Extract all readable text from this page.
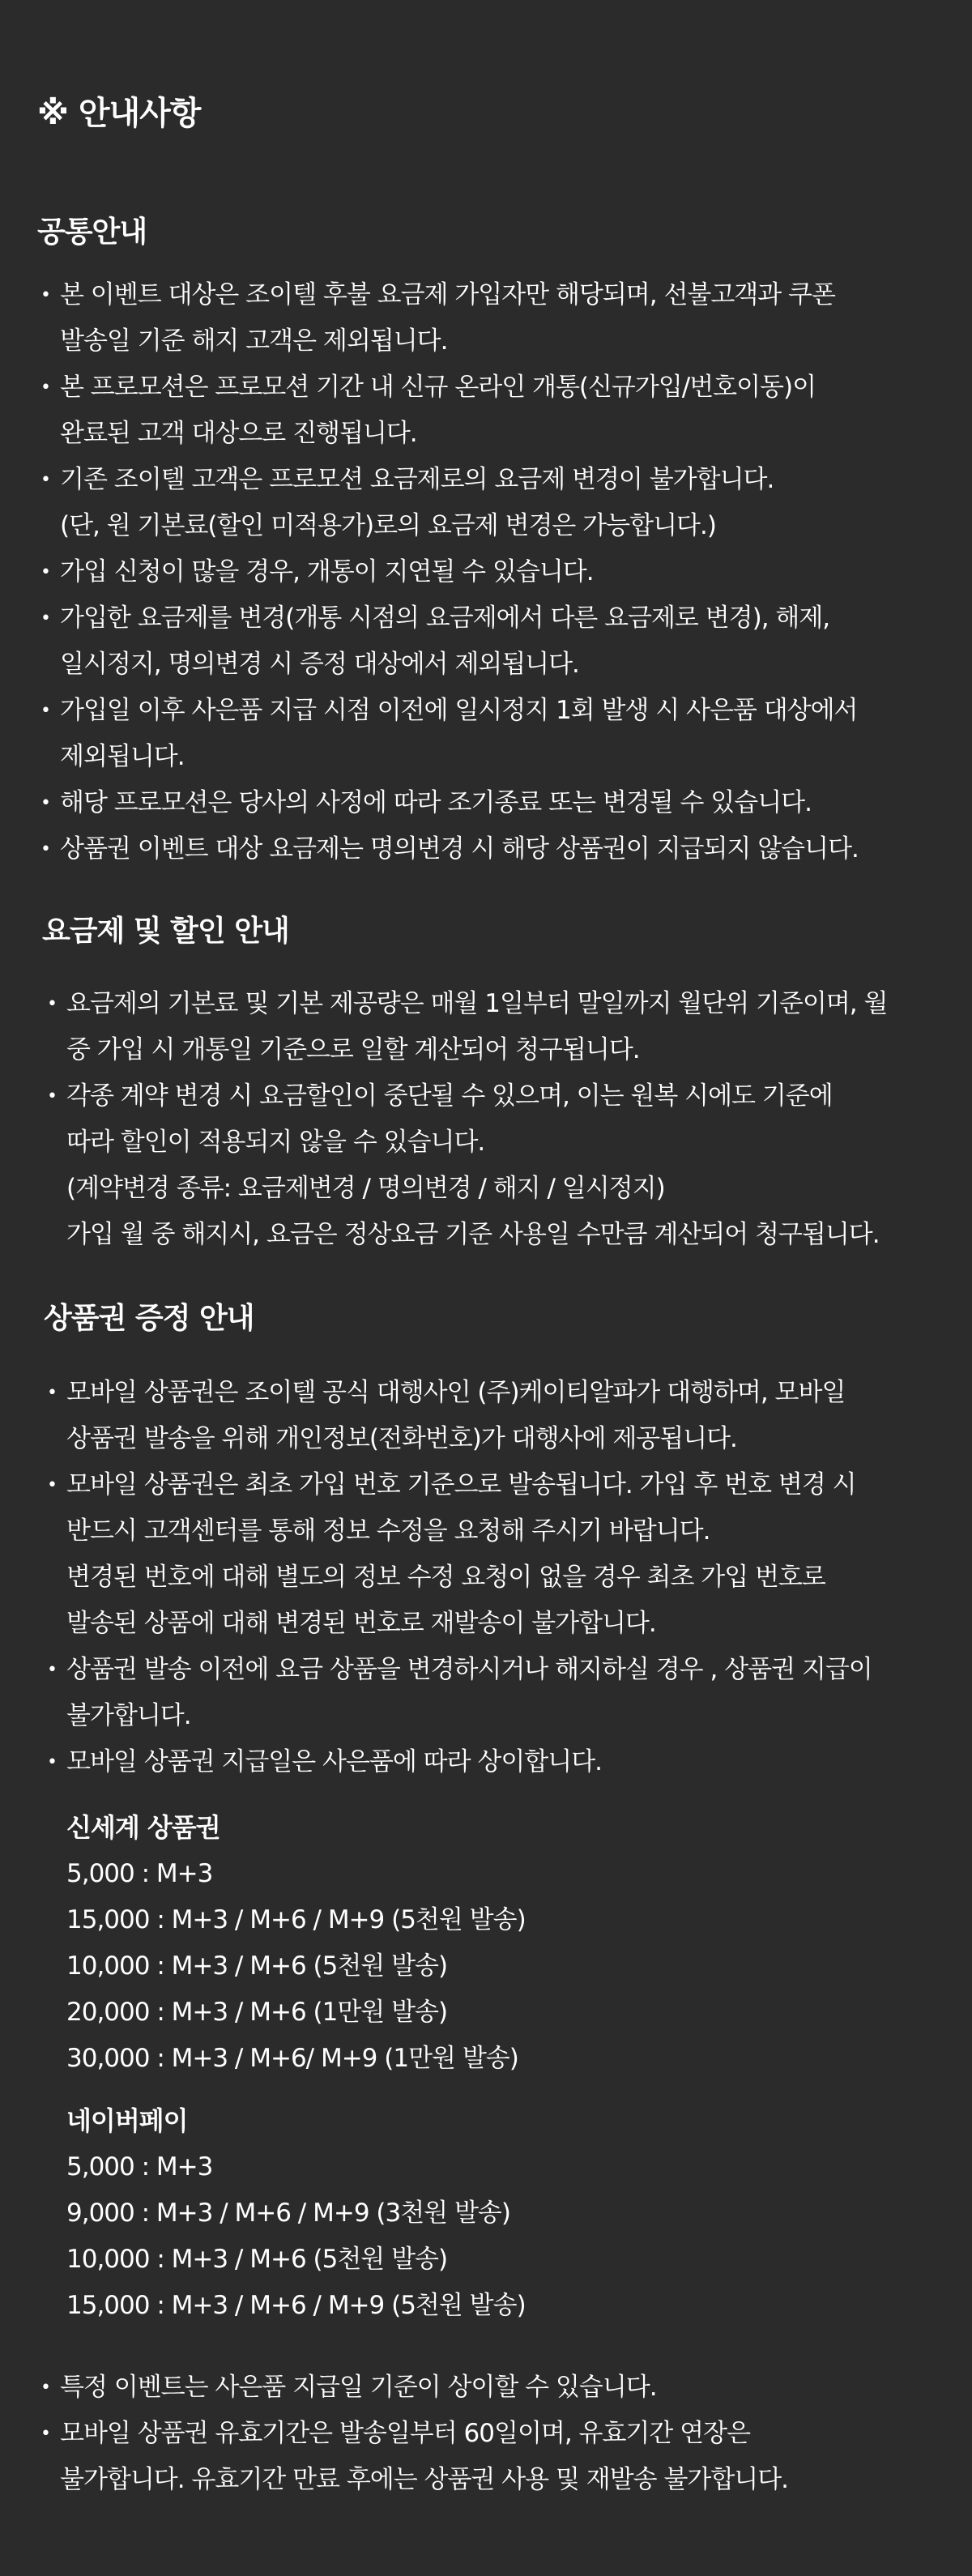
※ 안내사항
공통안내
• 본 이벤트 대상은 조이텔 후불 요금제 가입자만 해당되며, 선불고객과 쿠폰
발송일 기준 해지 고객은 제외됩니다.
• 본 프로모션은 프로모션 기간 내 신규 온라인 개통(신규가입/번호이동)이
완료된 고객 대상으로 진행됩니다.
• 기존 조이텔 고객은 프로모션 요금제로의 요금제 변경이 불가합니다.
(단, 원 기본료(할인 미적용가)로의 요금제 변경은 가능합니다.)
• 가입 신청이 많을 경우, 개통이 지연될 수 있습니다.
• 가입한 요금제를 변경(개통 시점의 요금제에서 다른 요금제로 변경), 해제,
일시정지, 명의변경 시 증정 대상에서 제외됩니다.
• 가입일 이후 사은품 지급 시점 이전에 일시정지 1회 발생 시 사은품 대상에서
제외됩니다.
• 해당 프로모션은 당사의 사정에 따라 조기종료 또는 변경될 수 있습니다.
• 상품권 이벤트 대상 요금제는 명의변경 시 해당 상품권이 지급되지 않습니다.
요금제 및 할인 안내
• 요금제의 기본료 및 기본 제공량은 매월 1일부터 말일까지 월단위 기준이며, 월
중 가입 시 개통일 기준으로 일할 계산되어 청구됩니다.
• 각종 계약 변경 시 요금할인이 중단될 수 있으며, 이는 원복 시에도 기준에
따라 할인이 적용되지 않을 수 있습니다.
(계약변경 종류: 요금제변경 / 명의변경 / 해지 / 일시정지)
가입 월 중 해지시, 요금은 정상요금 기준 사용일 수만큼 계산되어 청구됩니다.
상품권 증정 안내
• 모바일 상품권은 조이텔 공식 대행사인 (주)케이티알파가 대행하며, 모바일
상품권 발송을 위해 개인정보(전화번호)가 대행사에 제공됩니다.
• 모바일 상품권은 최초 가입 번호 기준으로 발송됩니다. 가입 후 번호 변경 시
반드시 고객센터를 통해 정보 수정을 요청해 주시기 바랍니다.
변경된 번호에 대해 별도의 정보 수정 요청이 없을 경우 최초 가입 번호로
발송된 상품에 대해 변경된 번호로 재발송이 불가합니다.
• 상품권 발송 이전에 요금 상품을 변경하시거나 해지하실 경우 , 상품권 지급이
불가합니다.
• 모바일 상품권 지급일은 사은품에 따라 상이합니다.
신세계 상품권
5,000 : M+3
15,000 : M+3 / M+6 / M+9 (5천원 발송)
10,000 : M+3 / M+6 (5천원 발송)
20,000 : M+3 / M+6 (1만원 발송)
30,000 : M+3 / M+6/ M+9 (1만원 발송)
네이버페이
5,000 : M+3
9,000 : M+3 / M+6 / M+9 (3천원 발송)
10,000 : M+3 / M+6 (5천원 발송)
15,000 : M+3 / M+6 / M+9 (5천원 발송)
• 특정 이벤트는 사은품 지급일 기준이 상이할 수 있습니다.
• 모바일 상품권 유효기간은 발송일부터 60일이며, 유효기간 연장은
불가합니다. 유효기간 만료 후에는 상품권 사용 및 재발송 불가합니다.
